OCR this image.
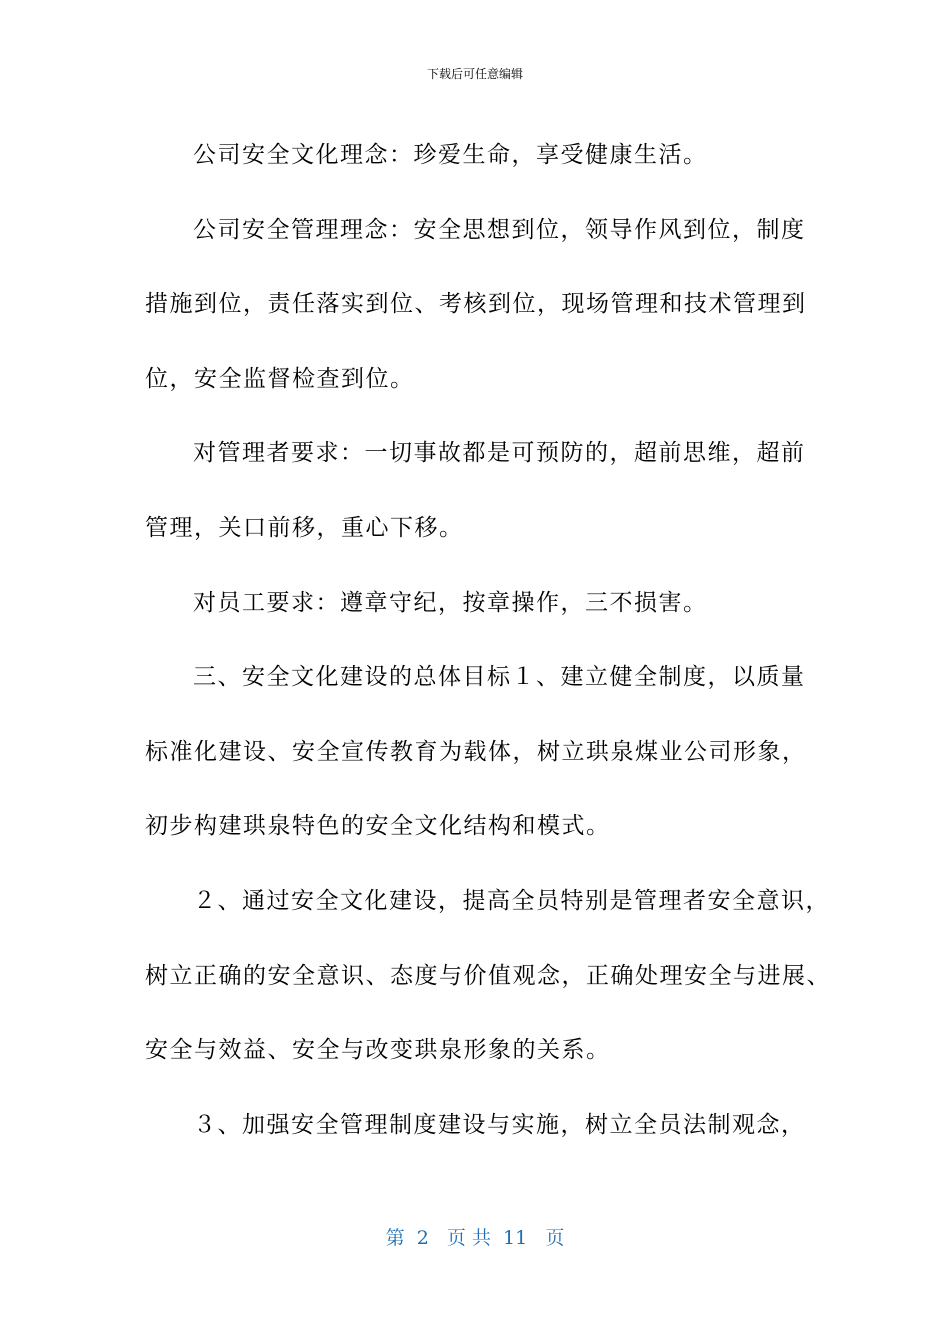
下载后可任意编辑
公司安全文化理念：珍爱生命，享受健康生活。
公司安全管理理念：安全思想到位，领导作风到位，制度
措施到位，责任落实到位、考核到位，现场管理和技术管理到
位，安全监督检查到位。
对管理者要求：一切事故都是可预防的，超前思维，超前
管理，关口前移，重心下移。
对员工要求：遵章守纪，按章操作，三不损害。
三、安全文化建设的总体目标１、建立健全制度，以质量
标准化建设、安全宣传教育为载体，树立珙泉煤业公司形象，
初步构建珙泉特色的安全文化结构和模式。
２、通过安全文化建设，提高全员特别是管理者安全意识，
树立正确的安全意识、态度与价值观念，正确处理安全与进展、
安全与效益、安全与改变珙泉形象的关系。
３、加强安全管理制度建设与实施，树立全员法制观念，
第  2   页 共  11   页
